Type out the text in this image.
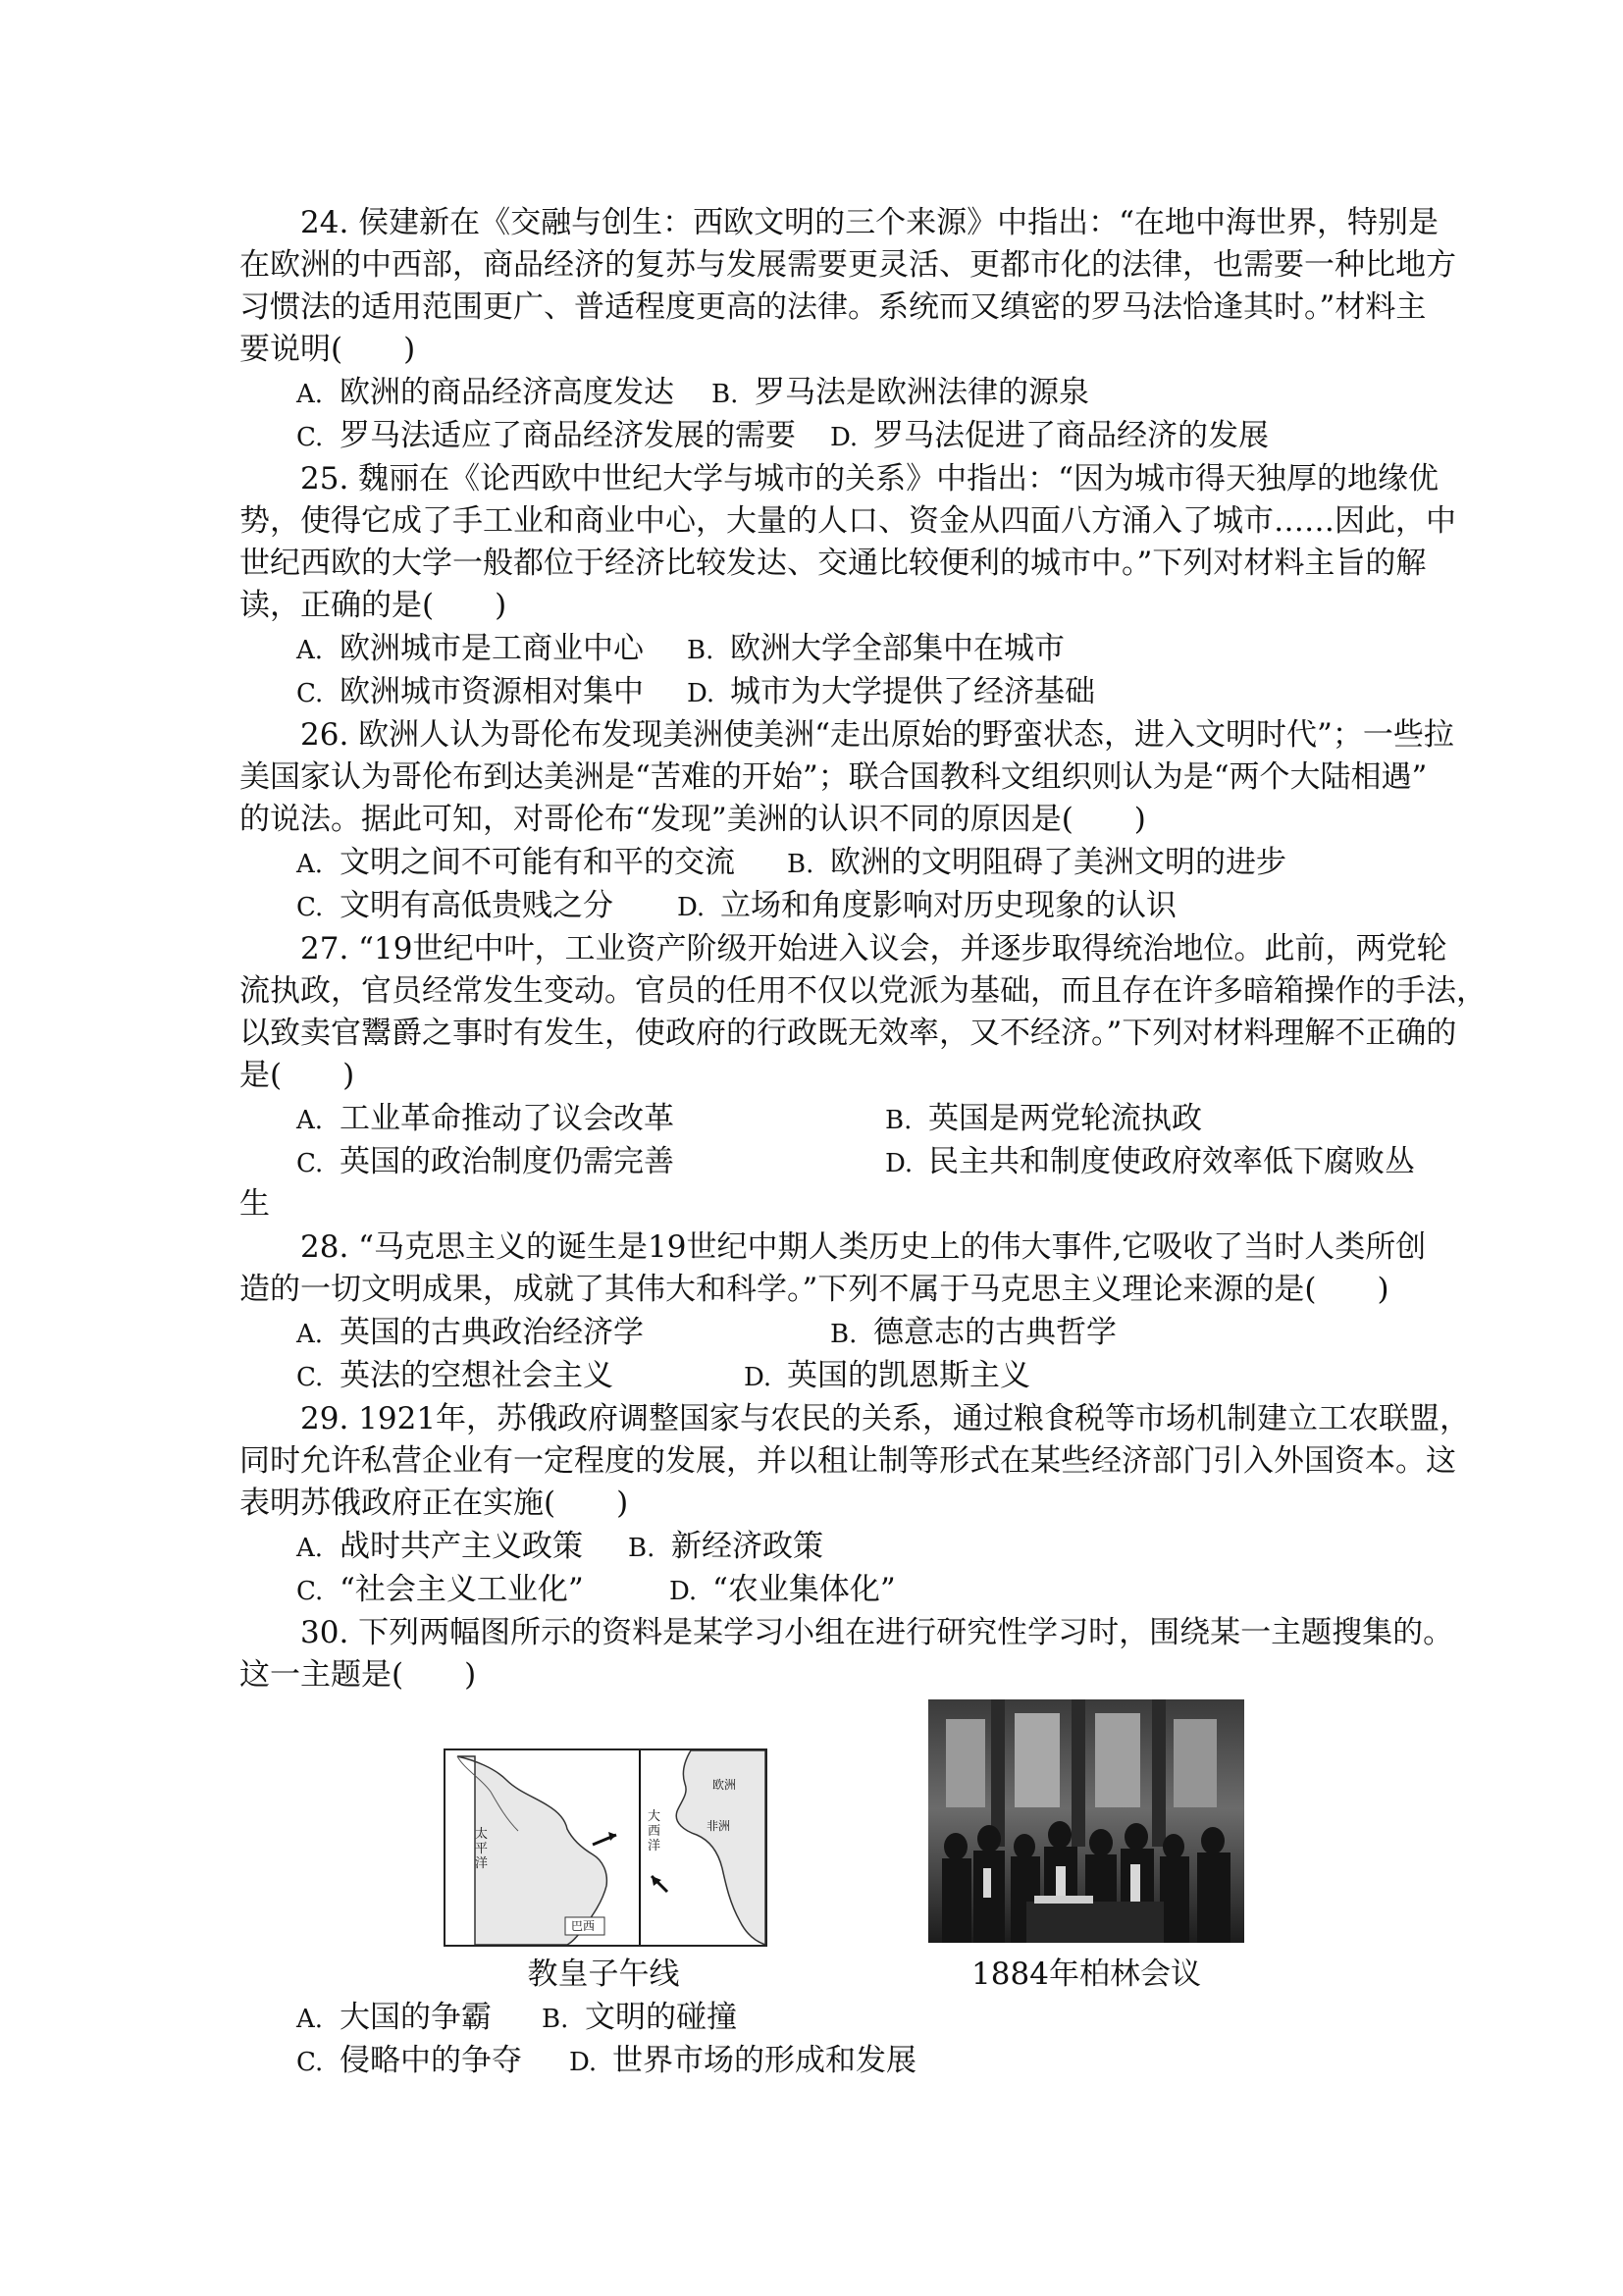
24. 侯建新在《交融与创生：西欧文明的三个来源》中指出：“在地中海世界，特别是
在欧洲的中西部，商品经济的复苏与发展需要更灵活、更都市化的法律，也需要一种比地方
习惯法的适用范围更广、普适程度更高的法律。系统而又缜密的罗马法恰逢其时。”材料主
要说明(　　)
A. 欧洲的商品经济高度发达 B. 罗马法是欧洲法律的源泉
C. 罗马法适应了商品经济发展的需要 D. 罗马法促进了商品经济的发展
25. 魏丽在《论西欧中世纪大学与城市的关系》中指出：“因为城市得天独厚的地缘优
势，使得它成了手工业和商业中心，大量的人口、资金从四面八方涌入了城市……因此，中
世纪西欧的大学一般都位于经济比较发达、交通比较便利的城市中。”下列对材料主旨的解
读，正确的是(　　)
A. 欧洲城市是工商业中心 B. 欧洲大学全部集中在城市
C. 欧洲城市资源相对集中 D. 城市为大学提供了经济基础
26. 欧洲人认为哥伦布发现美洲使美洲“走出原始的野蛮状态，进入文明时代”；一些拉
美国家认为哥伦布到达美洲是“苦难的开始”；联合国教科文组织则认为是“两个大陆相遇”
的说法。据此可知，对哥伦布“发现”美洲的认识不同的原因是(　　)
A. 文明之间不可能有和平的交流 B. 欧洲的文明阻碍了美洲文明的进步
C. 文明有高低贵贱之分	D. 立场和角度影响对历史现象的认识
27. “19世纪中叶，工业资产阶级开始进入议会，并逐步取得统治地位。此前，两党轮
流执政，官员经常发生变动。官员的任用不仅以党派为基础，而且存在许多暗箱操作的手法，
以致卖官鬻爵之事时有发生，使政府的行政既无效率，又不经济。”下列对材料理解不正确的
是(　　)
A. 工业革命推动了议会改革	B. 英国是两党轮流执政
C. 英国的政治制度仍需完善	D. 民主共和制度使政府效率低下腐败丛
生
28. “马克思主义的诞生是19世纪中期人类历史上的伟大事件,它吸收了当时人类所创
造的一切文明成果，成就了其伟大和科学。”下列不属于马克思主义理论来源的是(　　)
A. 英国的古典政治经济学	B. 德意志的古典哲学
C. 英法的空想社会主义	D. 英国的凯恩斯主义
29. 1921年，苏俄政府调整国家与农民的关系，通过粮食税等市场机制建立工农联盟，
同时允许私营企业有一定程度的发展，并以租让制等形式在某些经济部门引入外国资本。这
表明苏俄政府正在实施(　　)
A. 战时共产主义政策 B. 新经济政策
C. “社会主义工业化”	D. “农业集体化”
30. 下列两幅图所示的资料是某学习小组在进行研究性学习时，围绕某一主题搜集的。
这一主题是(　　)
太平洋
大西洋
欧洲
非洲
巴西
教皇子午线	1884年柏林会议
A. 大国的争霸 B. 文明的碰撞
C. 侵略中的争夺 D. 世界市场的形成和发展
